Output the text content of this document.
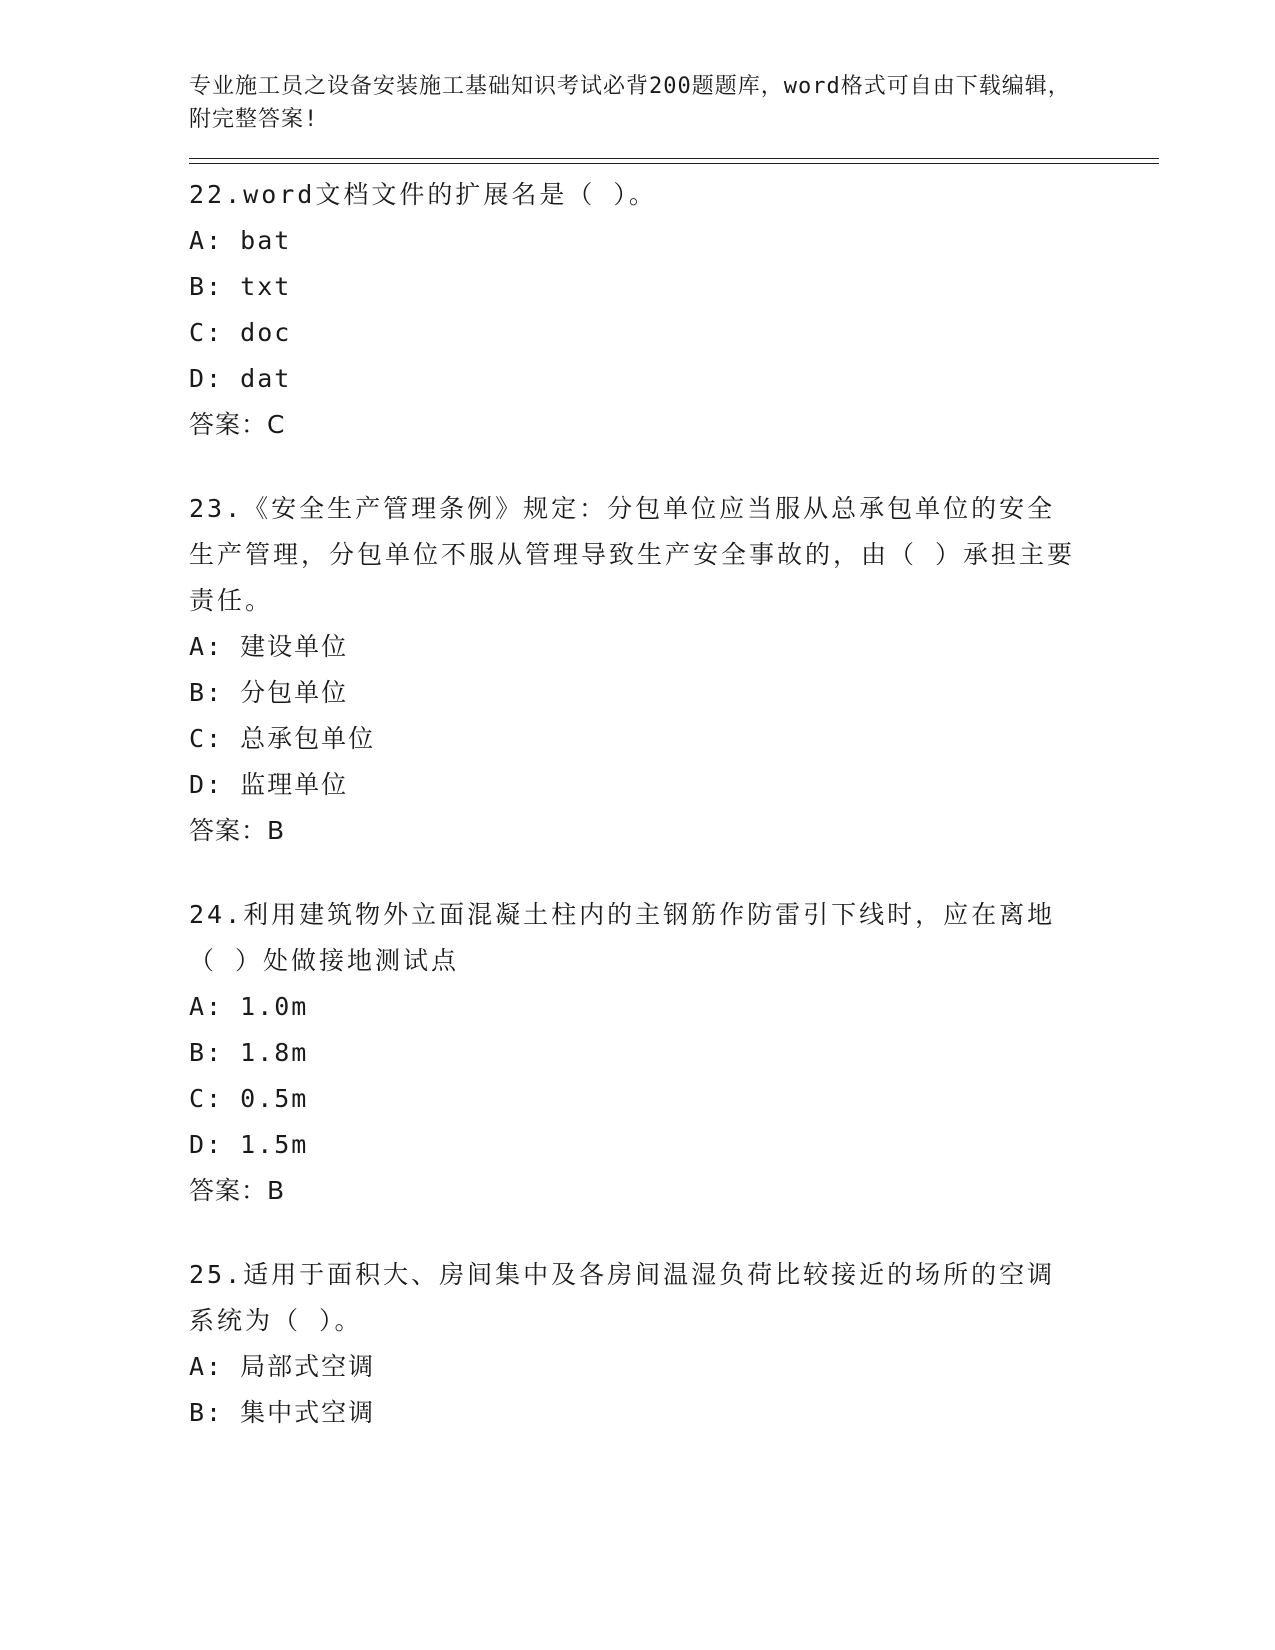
专业施工员之设备安装施工基础知识考试必背200题题库，word格式可自由下载编辑，附完整答案!
22.word文档文件的扩展名是（ ）。
A: bat
B: txt
C: doc
D: dat
答案：C
23.《安全生产管理条例》规定：分包单位应当服从总承包单位的安全生产管理，分包单位不服从管理导致生产安全事故的，由（ ）承担主要责任。
A: 建设单位
B: 分包单位
C: 总承包单位
D: 监理单位
答案：B
24.利用建筑物外立面混凝土柱内的主钢筋作防雷引下线时，应在离地（ ）处做接地测试点
A: 1.0m
B: 1.8m
C: 0.5m
D: 1.5m
答案：B
25.适用于面积大、房间集中及各房间温湿负荷比较接近的场所的空调系统为（ ）。
A: 局部式空调
B: 集中式空调
